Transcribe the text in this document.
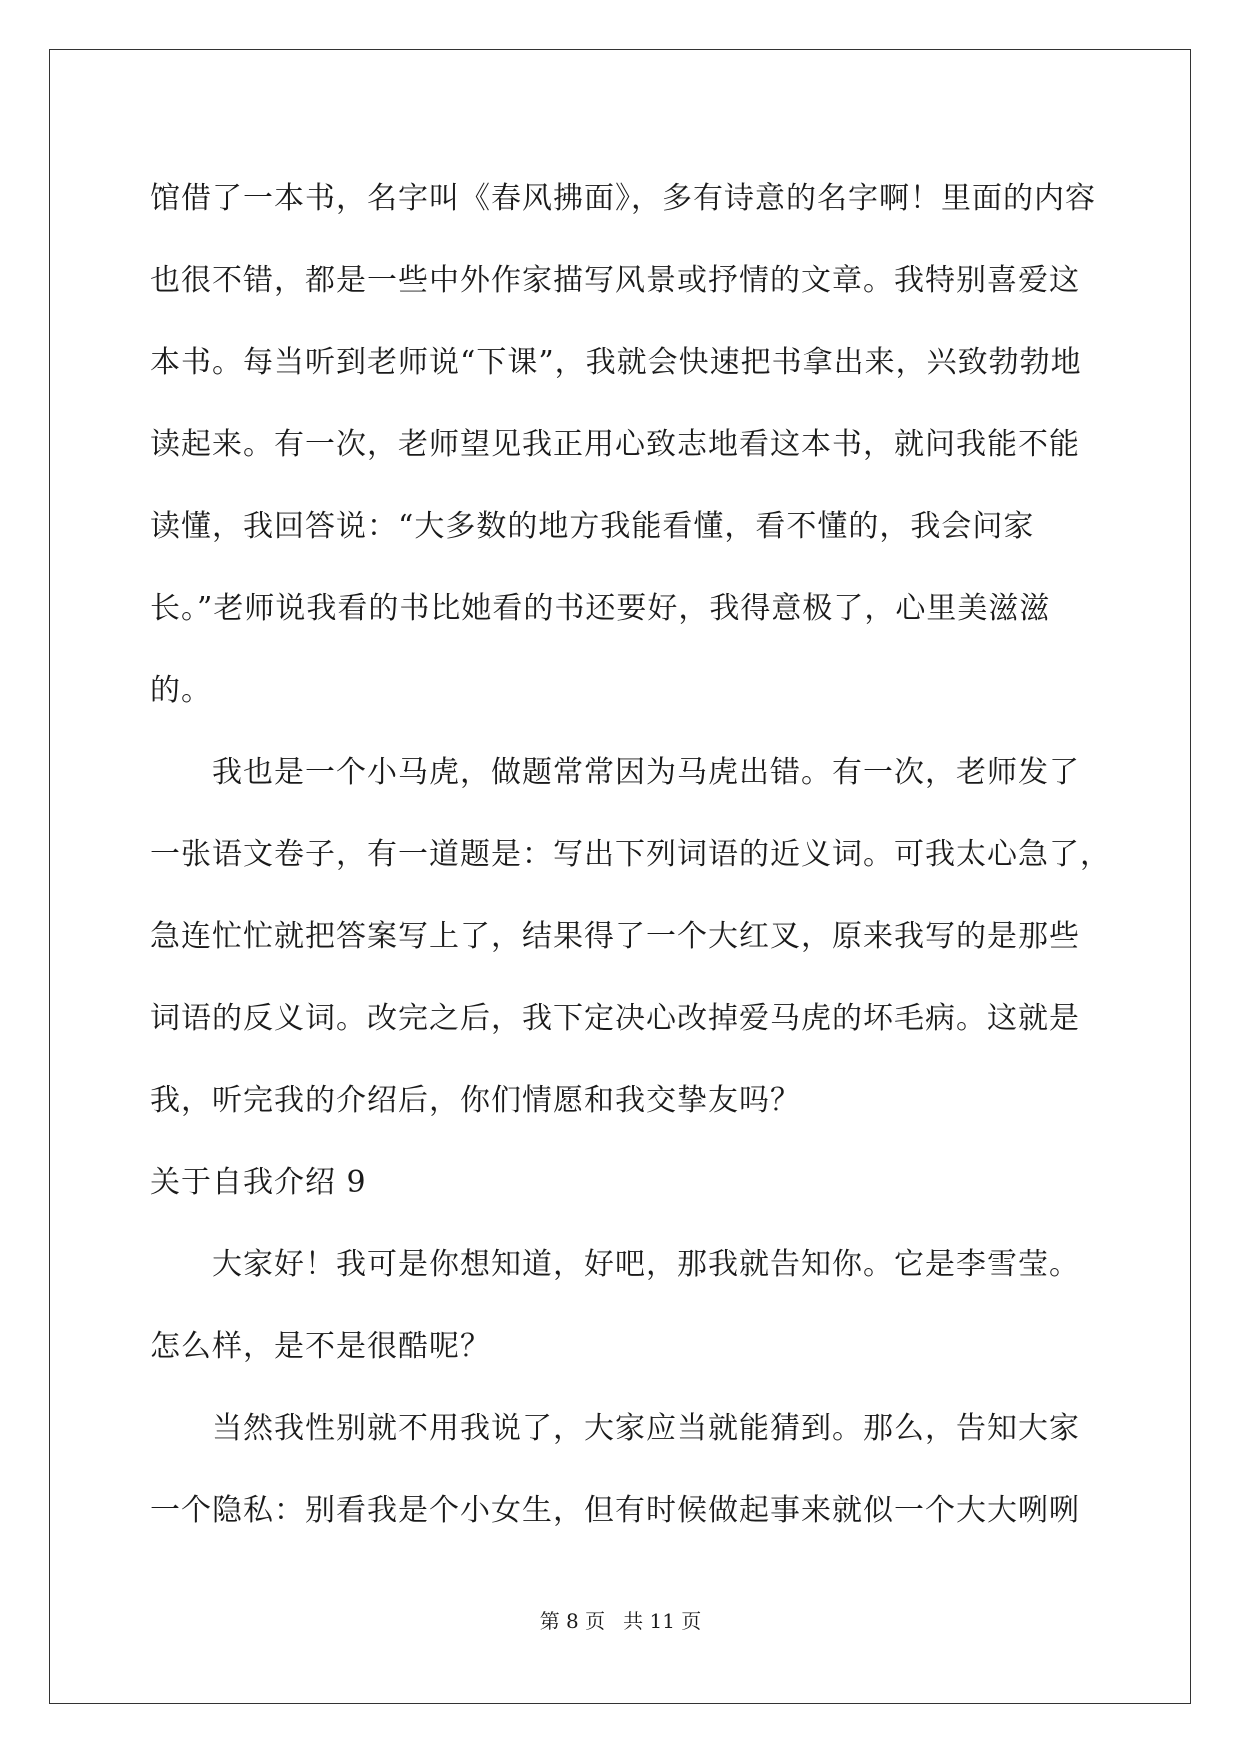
馆借了一本书，名字叫《春风拂面》，多有诗意的名字啊！里面的内容
也很不错，都是一些中外作家描写风景或抒情的文章。我特别喜爱这
本书。每当听到老师说“下课”，我就会快速把书拿出来，兴致勃勃地
读起来。有一次，老师望见我正用心致志地看这本书，就问我能不能
读懂，我回答说：“大多数的地方我能看懂，看不懂的，我会问家
长。”老师说我看的书比她看的书还要好，我得意极了，心里美滋滋
的。
我也是一个小马虎，做题常常因为马虎出错。有一次，老师发了
一张语文卷子，有一道题是：写出下列词语的近义词。可我太心急了，
急连忙忙就把答案写上了，结果得了一个大红叉，原来我写的是那些
词语的反义词。改完之后，我下定决心改掉爱马虎的坏毛病。这就是
我，听完我的介绍后，你们情愿和我交挚友吗？
关于自我介绍 9
大家好！我可是你想知道，好吧，那我就告知你。它是李雪莹。
怎么样，是不是很酷呢？
当然我性别就不用我说了，大家应当就能猜到。那么，告知大家
一个隐私：别看我是个小女生，但有时候做起事来就似一个大大咧咧
第 8 页 共 11 页
